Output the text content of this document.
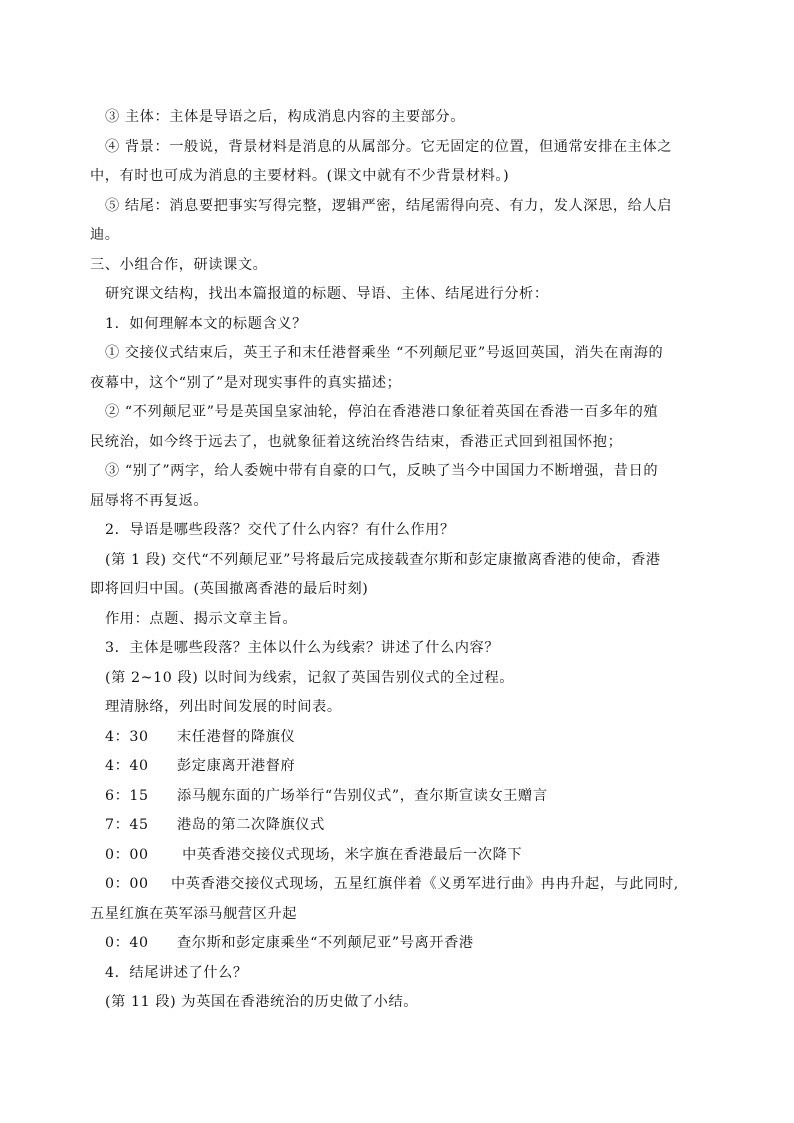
③ 主体：主体是导语之后，构成消息内容的主要部分。
④ 背景：一般说，背景材料是消息的从属部分。它无固定的位置，但通常安排在主体之
中，有时也可成为消息的主要材料。(课文中就有不少背景材料。)
⑤ 结尾：消息要把事实写得完整，逻辑严密，结尾需得向亮、有力，发人深思，给人启
迪。
三、小组合作，研读课文。
研究课文结构，找出本篇报道的标题、导语、主体、结尾进行分析：
1．如何理解本文的标题含义？
① 交接仪式结束后，英王子和末任港督乘坐 “不列颠尼亚”号返回英国，消失在南海的
夜幕中，这个“别了”是对现实事件的真实描述；
② “不列颠尼亚”号是英国皇家油轮，停泊在香港港口象征着英国在香港一百多年的殖
民统治，如今终于远去了，也就象征着这统治终告结束，香港正式回到祖国怀抱；
③ “别了”两字，给人委婉中带有自豪的口气，反映了当今中国国力不断增强，昔日的
屈辱将不再复返。
2．导语是哪些段落？交代了什么内容？有什么作用？
(第 1 段) 交代“不列颠尼亚”号将最后完成接载查尔斯和彭定康撤离香港的使命，香港
即将回归中国。(英国撤离香港的最后时刻)
作用：点题、揭示文章主旨。
3．主体是哪些段落？主体以什么为线索？讲述了什么内容？
(第 2~10 段) 以时间为线索，记叙了英国告别仪式的全过程。
理清脉络，列出时间发展的时间表。
4：30 末任港督的降旗仪
4：40 彭定康离开港督府
6：15 添马舰东面的广场举行“告别仪式”，查尔斯宣读女王赠言
7：45 港岛的第二次降旗仪式
0：00 中英香港交接仪式现场，米字旗在香港最后一次降下
0：00 中英香港交接仪式现场，五星红旗伴着《义勇军进行曲》冉冉升起，与此同时,
五星红旗在英军添马舰营区升起
0：40 查尔斯和彭定康乘坐“不列颠尼亚”号离开香港
4．结尾讲述了什么？
(第 11 段) 为英国在香港统治的历史做了小结。
